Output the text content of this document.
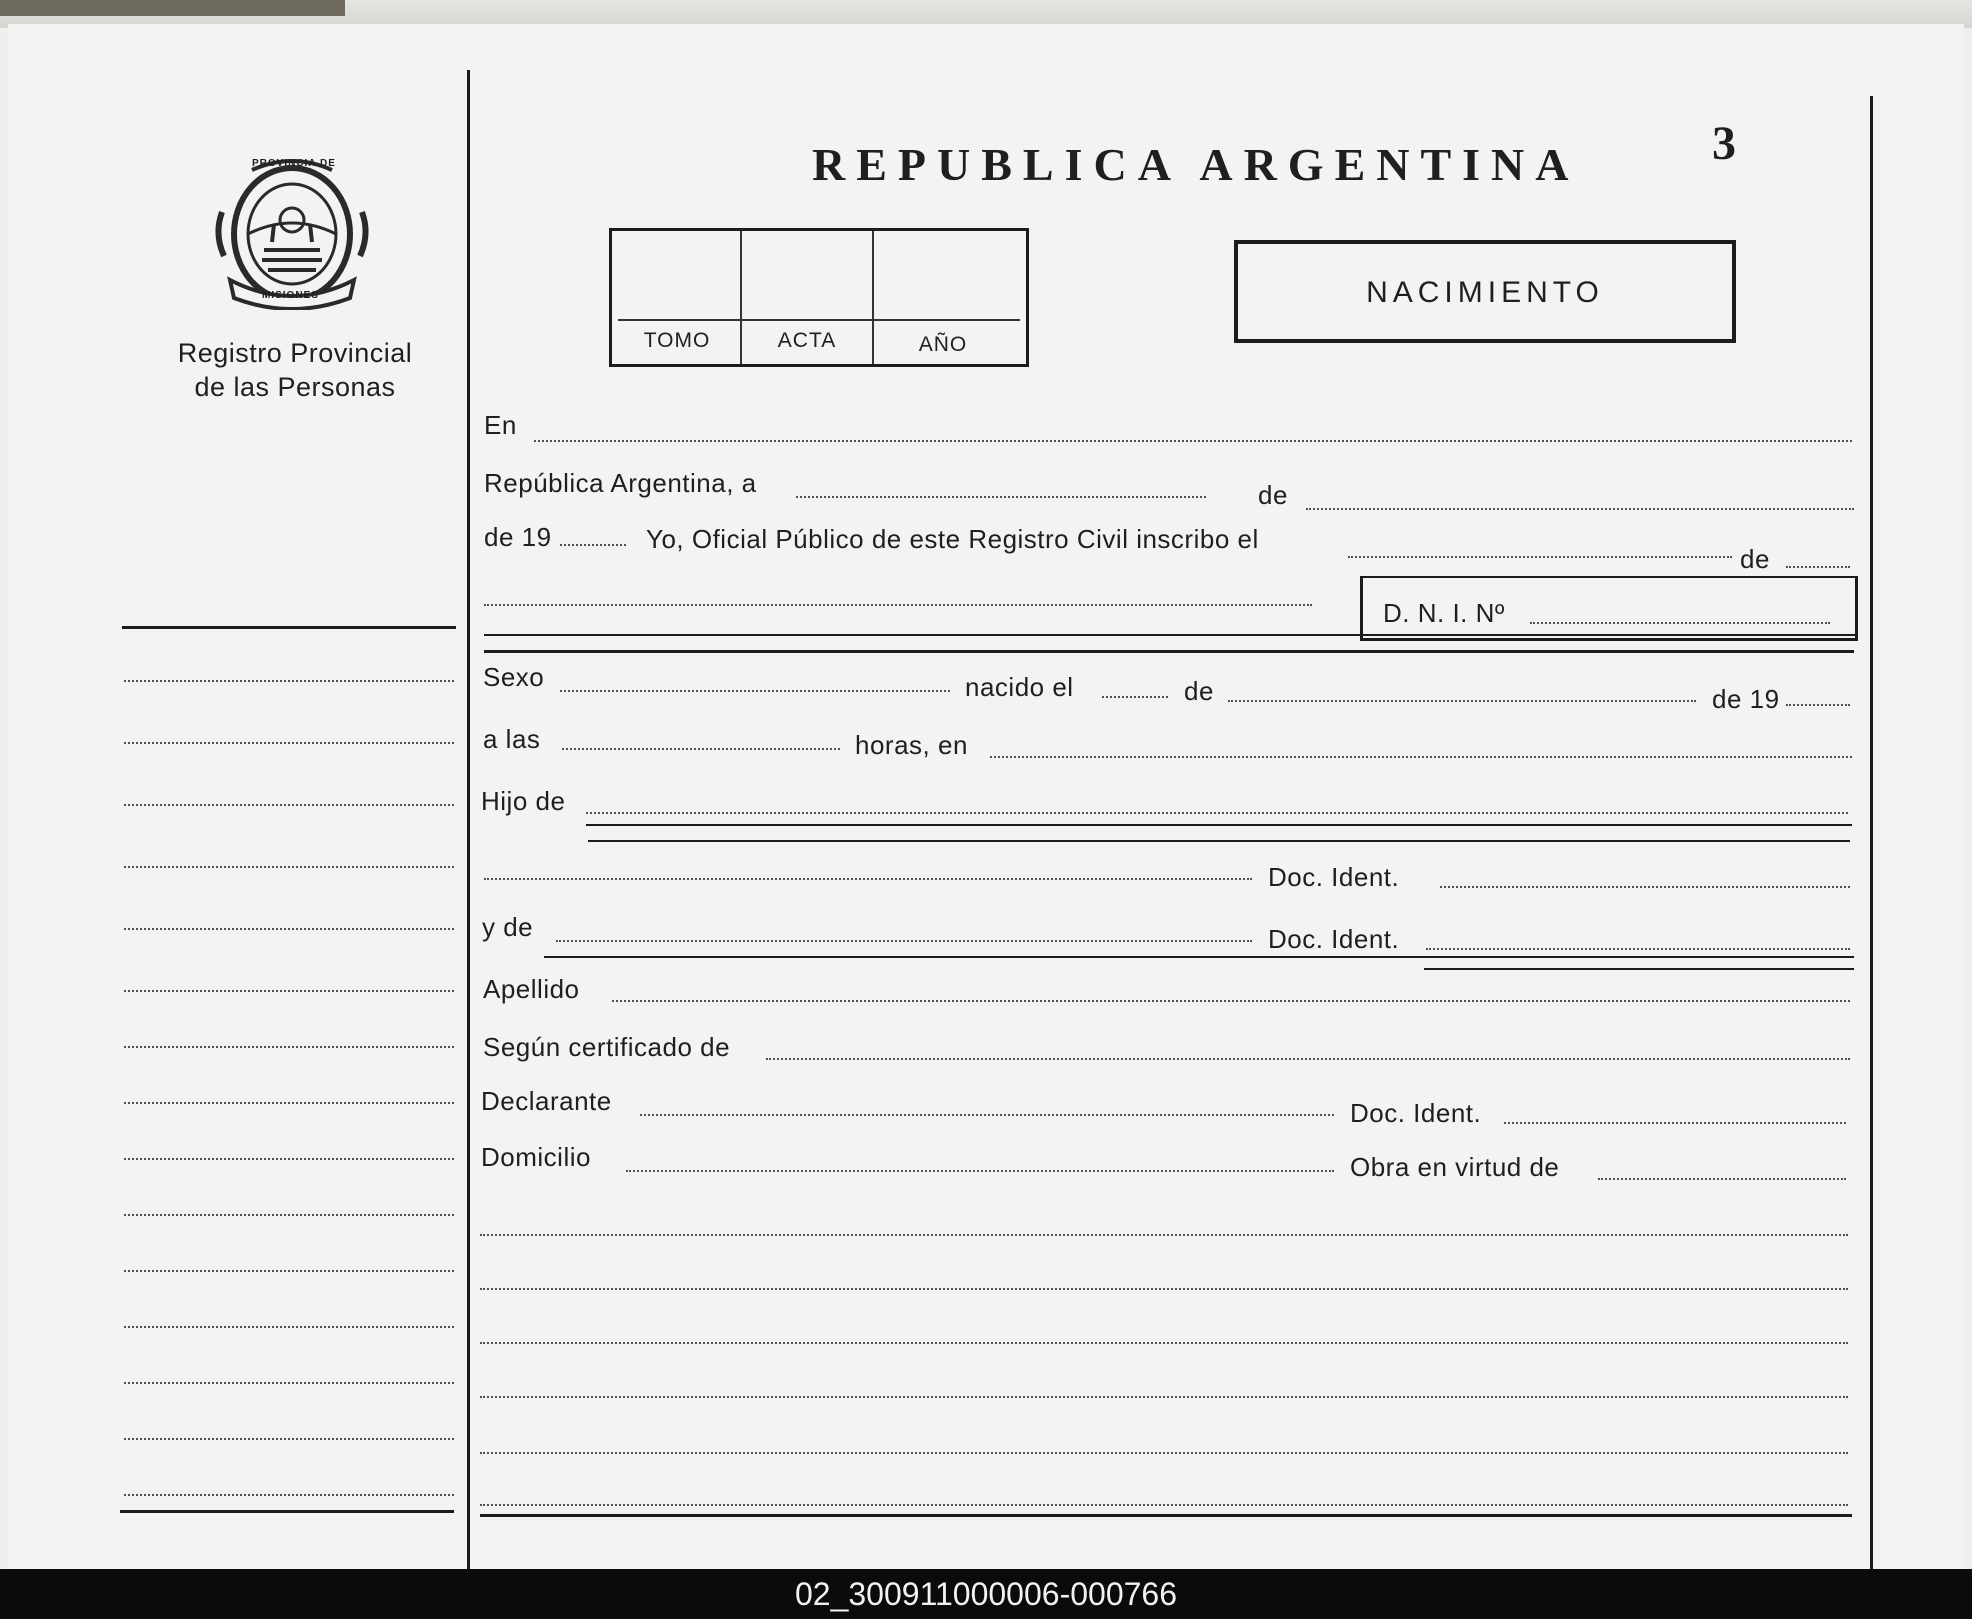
PROVINCIA DE
MISIONES
Registro Provincial
de las Personas
REPUBLICA ARGENTINA	3
TOMO	ACTA	AÑO
NACIMIENTO
En
República Argentina, a	de
de 19	Yo, Oficial Público de este Registro Civil inscribo el
de
D. N. I. Nº
Sexo	nacido el	de	de 19
a las	horas, en
Hijo de
Doc. Ident.
y de	Doc. Ident.
Apellido
Según certificado de
Declarante	Doc. Ident.
Domicilio	Obra en virtud de
02_300911000006-000766
